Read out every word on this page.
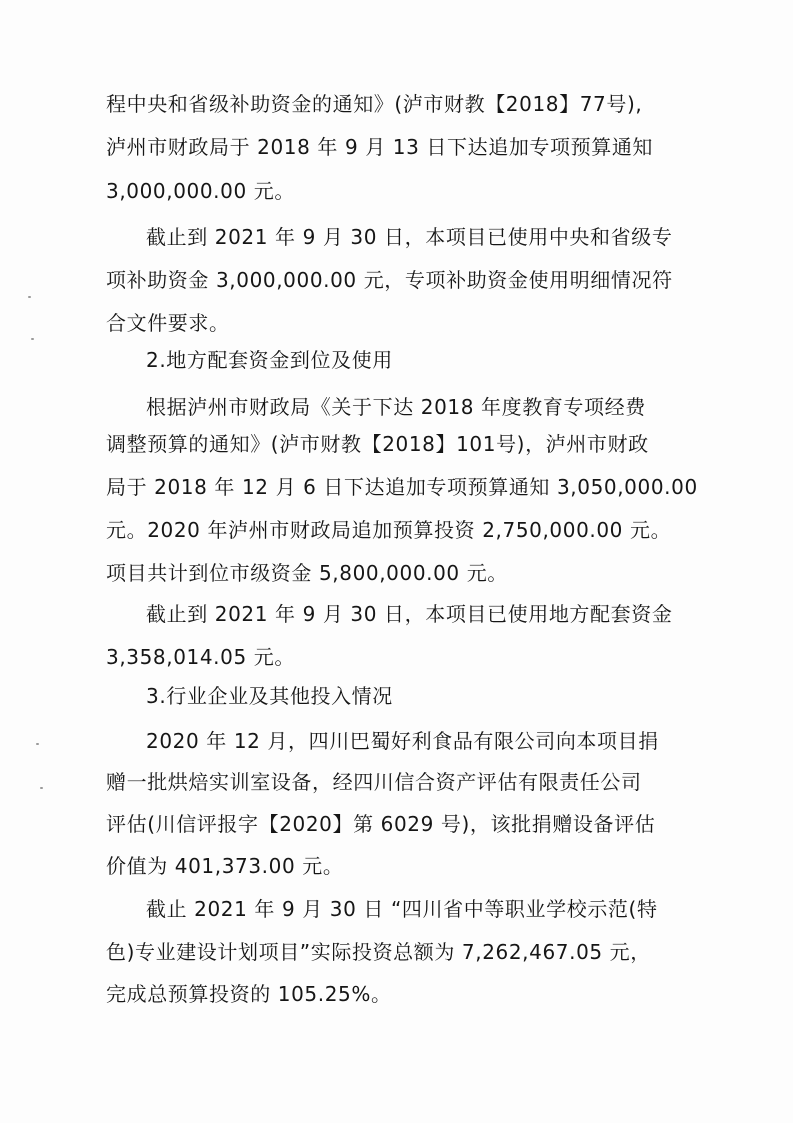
程中央和省级补助资金的通知》(泸市财教【2018】77号),
泸州市财政局于 2018 年 9 月 13 日下达追加专项预算通知
3,000,000.00 元。
截止到 2021 年 9 月 30 日，本项目已使用中央和省级专
项补助资金 3,000,000.00 元，专项补助资金使用明细情况符
合文件要求。
2.地方配套资金到位及使用
根据泸州市财政局《关于下达 2018 年度教育专项经费
调整预算的通知》(泸市财教【2018】101号)，泸州市财政
局于 2018 年 12 月 6 日下达追加专项预算通知 3,050,000.00
元。2020 年泸州市财政局追加预算投资 2,750,000.00 元。
项目共计到位市级资金 5,800,000.00 元。
截止到 2021 年 9 月 30 日，本项目已使用地方配套资金
3,358,014.05 元。
3.行业企业及其他投入情况
2020 年 12 月，四川巴蜀好利食品有限公司向本项目捐
赠一批烘焙实训室设备，经四川信合资产评估有限责任公司
评估(川信评报字【2020】第 6029 号)，该批捐赠设备评估
价值为 401,373.00 元。
截止 2021 年 9 月 30 日 “四川省中等职业学校示范(特
色)专业建设计划项目”实际投资总额为 7,262,467.05 元，
完成总预算投资的 105.25%。
